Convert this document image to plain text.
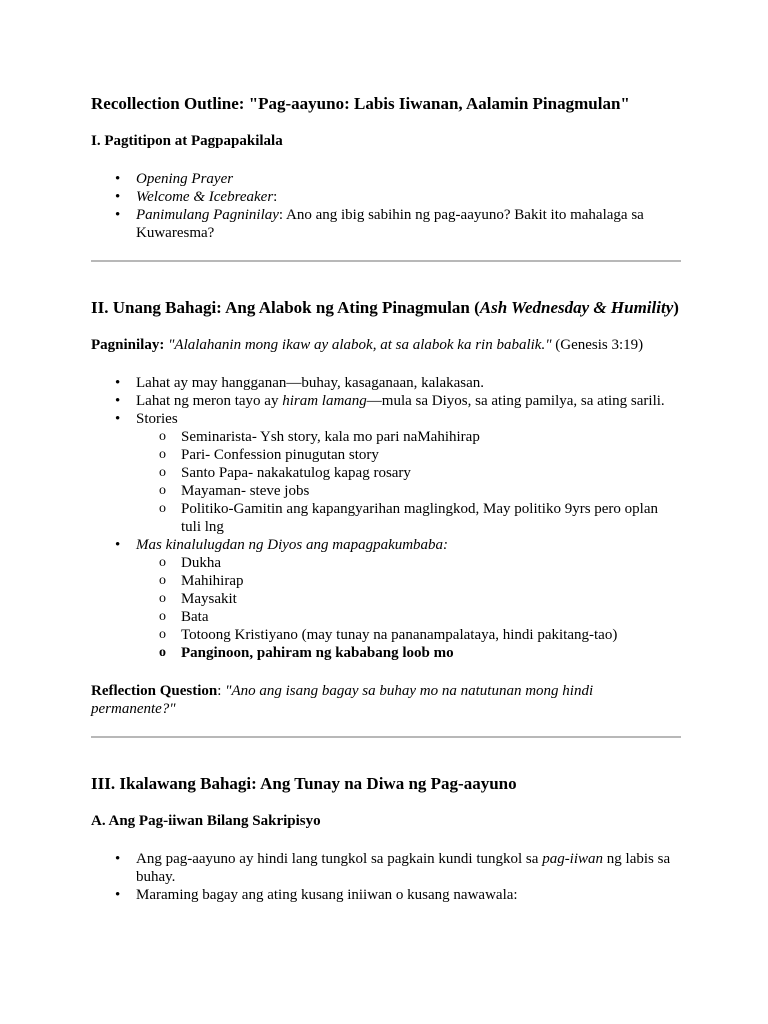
Recollection Outline: "Pag-aayuno: Labis Iiwanan, Aalamin Pinagmulan"
I. Pagtitipon at Pagpapakilala
• Opening Prayer
• Welcome & Icebreaker:
• Panimulang Pagninilay: Ano ang ibig sabihin ng pag-aayuno? Bakit ito mahalaga sa Kuwaresma?
II. Unang Bahagi: Ang Alabok ng Ating Pinagmulan (Ash Wednesday & Humility)

Pagninilay: "Alalahanin mong ikaw ay alabok, at sa alabok ka rin babalik." (Genesis 3:19)

• Lahat ay may hangganan—buhay, kasaganaan, kalakasan.
• Lahat ng meron tayo ay hiram lamang—mula sa Diyos, sa ating pamilya, sa ating sarili.
• Stories
o Seminarista- Ysh story, kala mo pari naMahihirap
o Pari- Confession pinugutan story
o Santo Papa- nakakatulog kapag rosary
o Mayaman- steve jobs
o Politiko-Gamitin ang kapangyarihan maglingkod, May politiko 9yrs pero oplan tuli lng
• Mas kinalulugdan ng Diyos ang mapagpakumbaba:
o Dukha
o Mahihirap
o Maysakit
o Bata
o Totoong Kristiyano (may tunay na pananampalataya, hindi pakitang-tao)
o Panginoon, pahiram ng kababang loob mo

Reflection Question: "Ano ang isang bagay sa buhay mo na natutunan mong hindi permanente?"

III. Ikalawang Bahagi: Ang Tunay na Diwa ng Pag-aayuno
A. Ang Pag-iiwan Bilang Sakripisyo
• Ang pag-aayuno ay hindi lang tungkol sa pagkain kundi tungkol sa pag-iiwan ng labis sa buhay.
• Maraming bagay ang ating kusang iniiwan o kusang nawawala:
